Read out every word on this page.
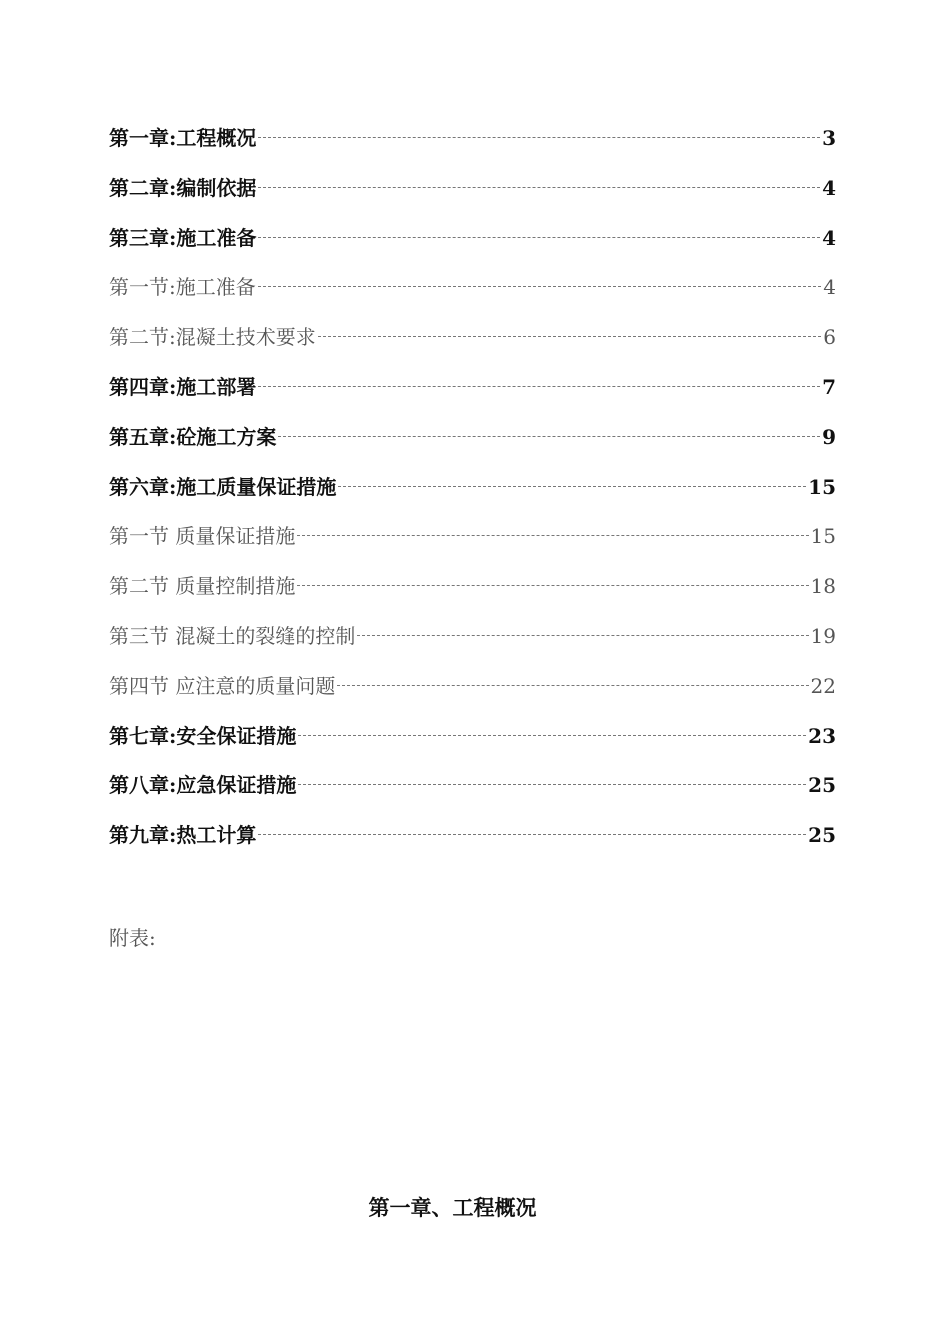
第一章:工程概况	3
第二章:编制依据	4
第三章:施工准备	4
第一节:施工准备	4
第二节:混凝土技术要求	6
第四章:施工部署	7
第五章:砼施工方案	9
第六章:施工质量保证措施	15
第一节 质量保证措施	15
第二节 质量控制措施	18
第三节 混凝土的裂缝的控制	19
第四节 应注意的质量问题	22
第七章:安全保证措施	23
第八章:应急保证措施	25
第九章:热工计算	25
附表:
第一章、工程概况
